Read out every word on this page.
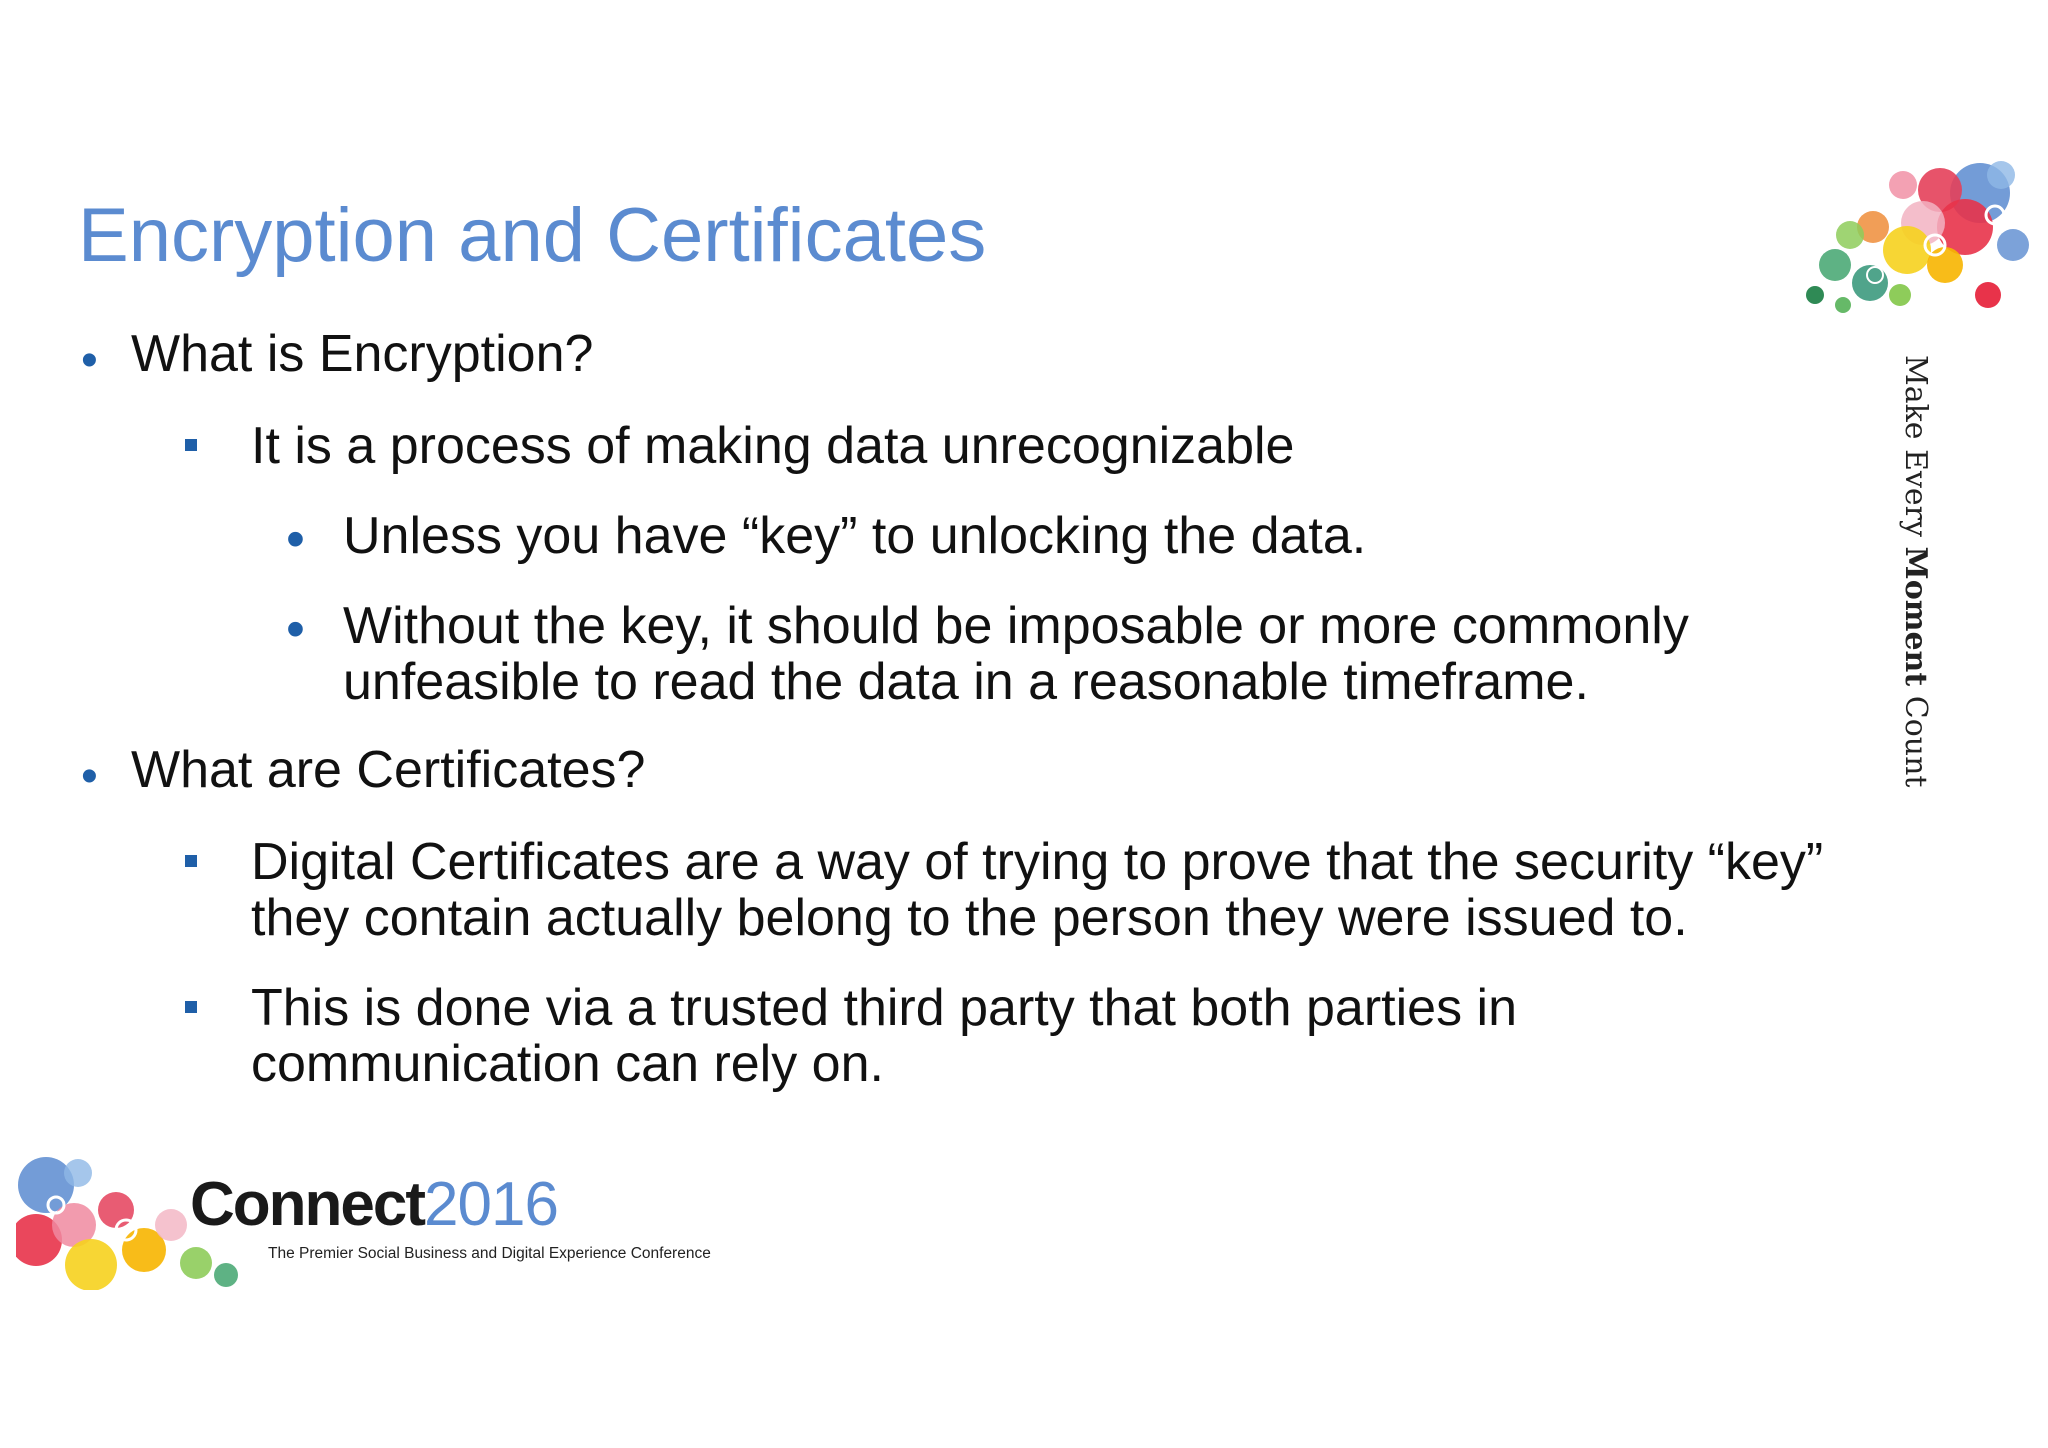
Encryption and Certificates
• What is Encryption?

It is a process of making data unrecognizable

• Unless you have “key” to unlocking the data.

• Without the key, it should be imposable or more commonly

unfeasible to read the data in a reasonable timeframe.

• What are Certificates?

Digital Certificates are a way of trying to prove that the security “key”

they contain actually belong to the person they were issued to.

This is done via a trusted third party that both parties in

communication can rely on.

Make Every Moment Count
Connect2016
The Premier Social Business and Digital Experience Conference
